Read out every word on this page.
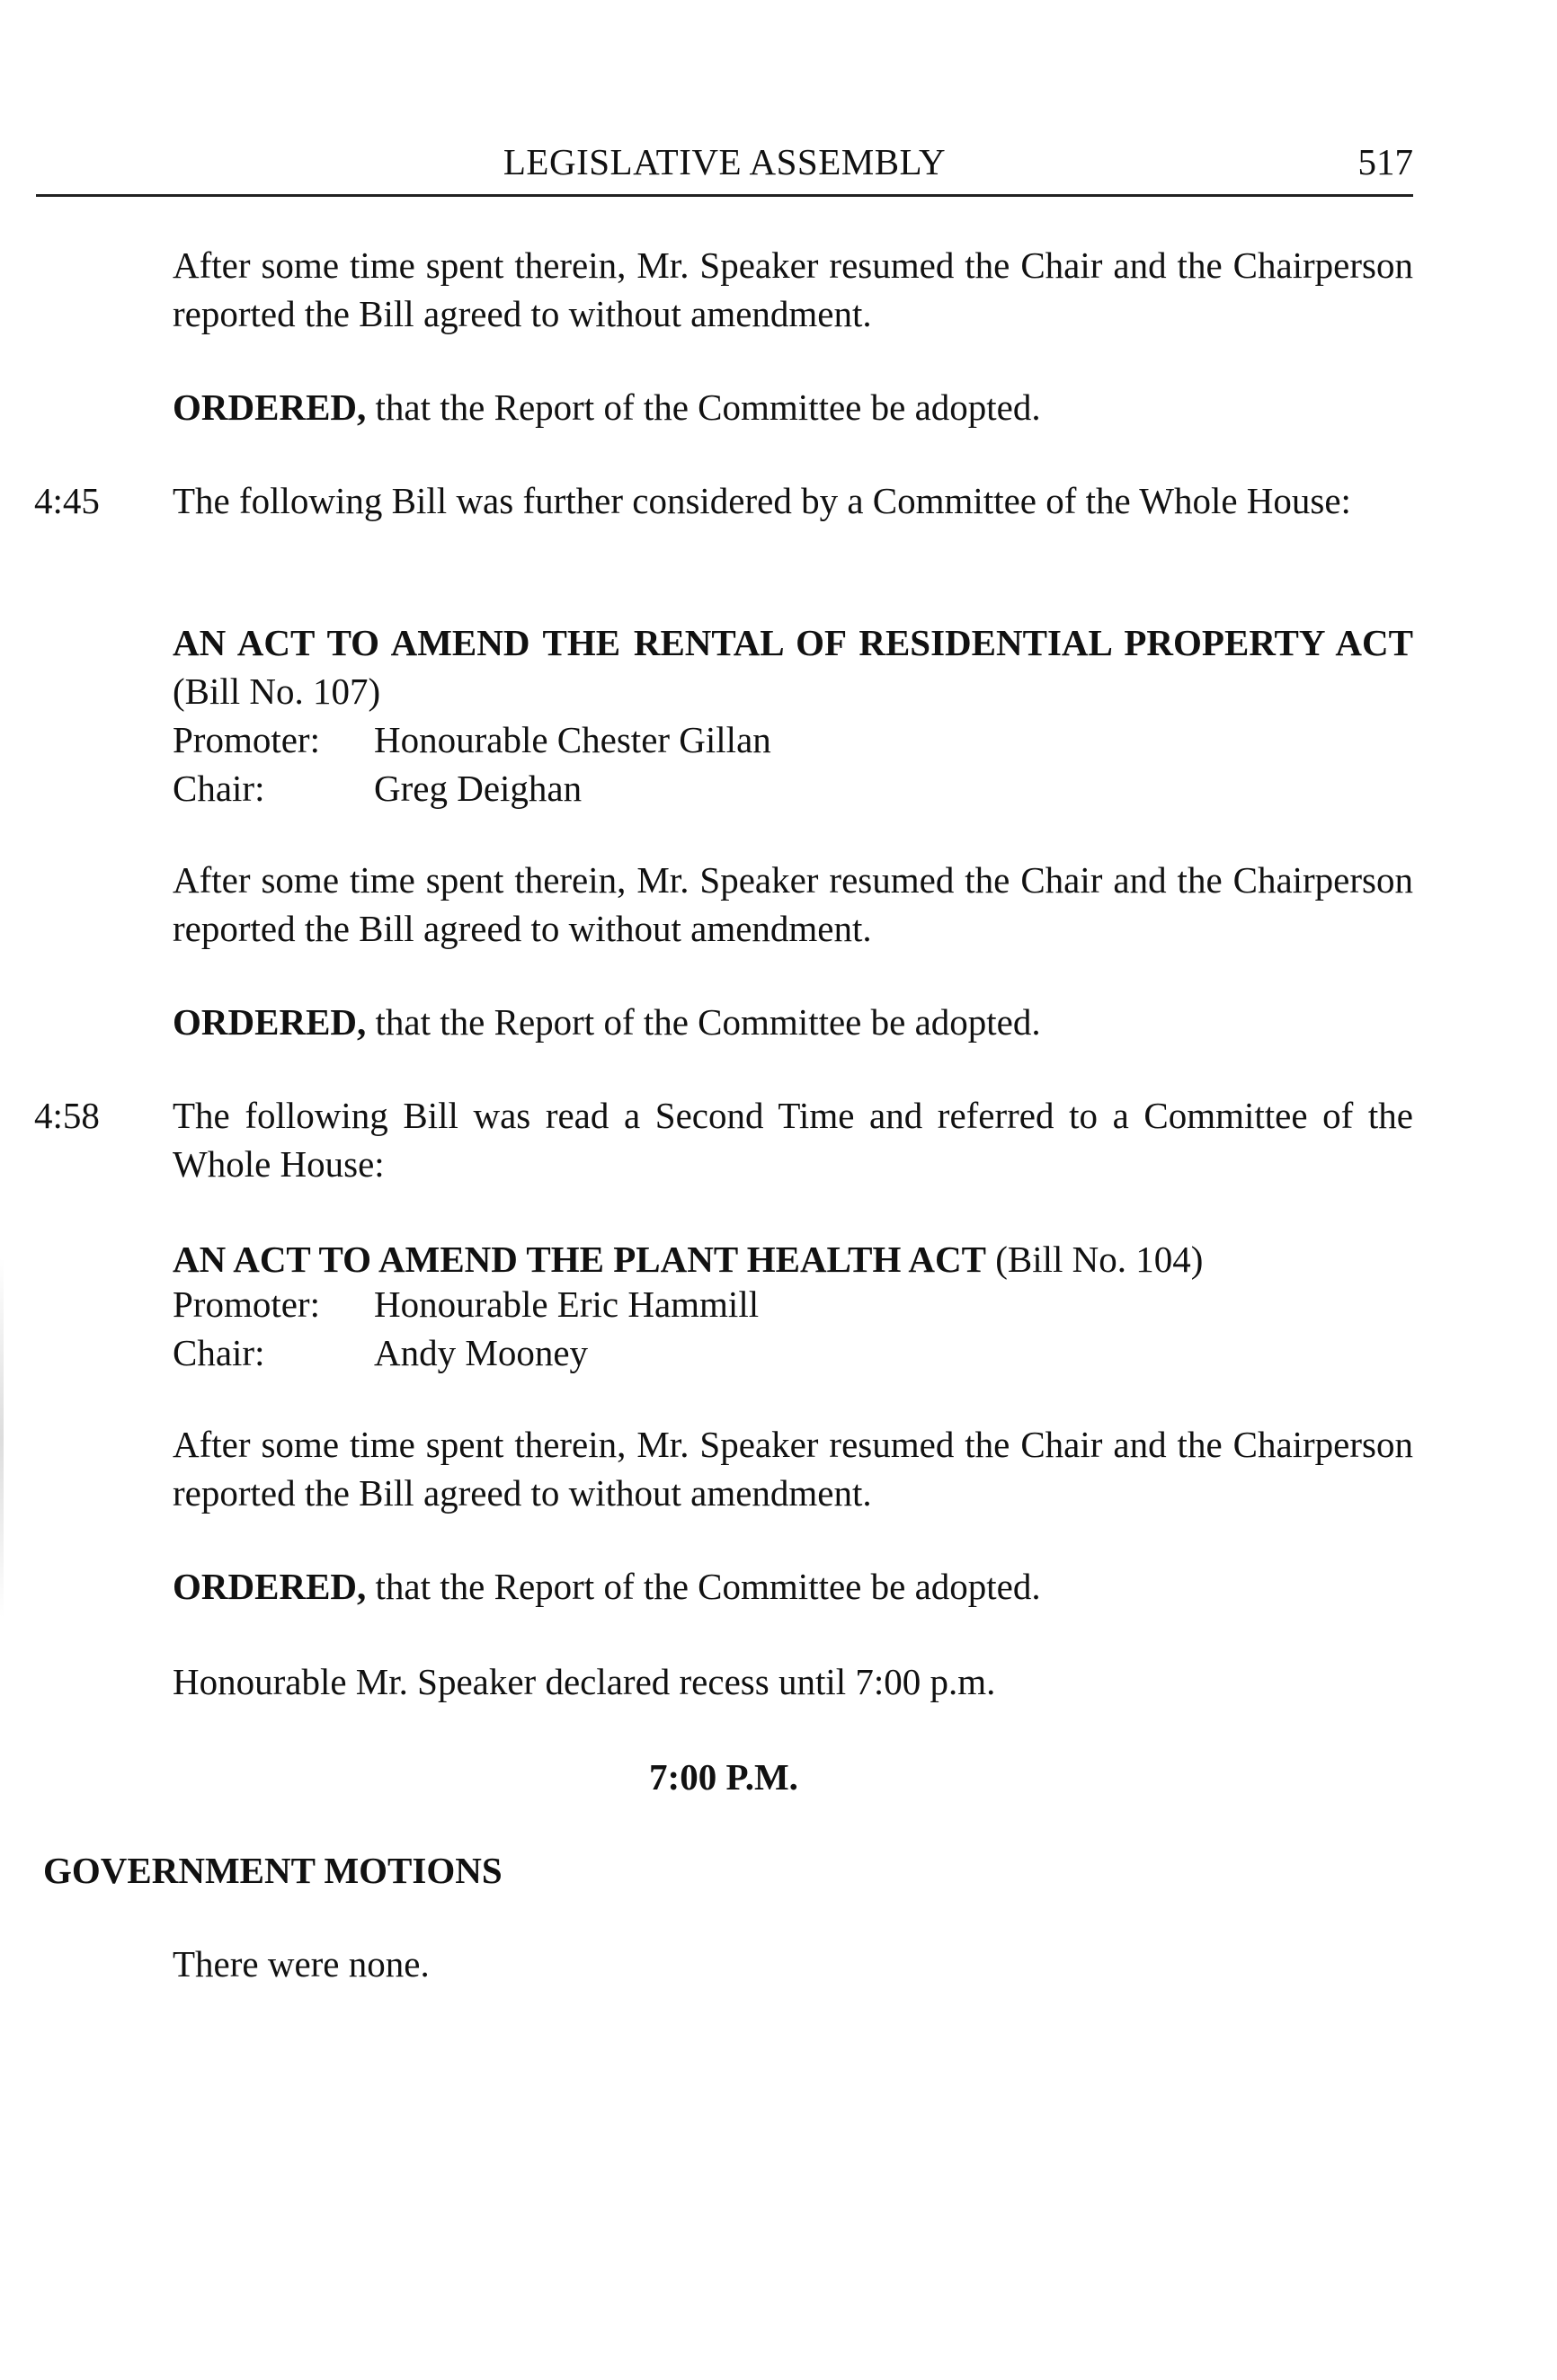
LEGISLATIVE ASSEMBLY	517
After some time spent therein, Mr. Speaker resumed the Chair and the Chairperson reported the Bill agreed to without amendment.
ORDERED, that the Report of the Committee be adopted.
4:45 The following Bill was further considered by a Committee of the Whole House:
AN ACT TO AMEND THE RENTAL OF RESIDENTIAL PROPERTY ACT (Bill No. 107)
Promoter: Honourable Chester Gillan
Chair:	Greg Deighan
After some time spent therein, Mr. Speaker resumed the Chair and the Chairperson reported the Bill agreed to without amendment.
ORDERED, that the Report of the Committee be adopted.
4:58 The following Bill was read a Second Time and referred to a Committee of the Whole House:
AN ACT TO AMEND THE PLANT HEALTH ACT (Bill No. 104)
Promoter: Honourable Eric Hammill
Chair:	Andy Mooney
After some time spent therein, Mr. Speaker resumed the Chair and the Chairperson reported the Bill agreed to without amendment.
ORDERED, that the Report of the Committee be adopted.
Honourable Mr. Speaker declared recess until 7:00 p.m.
7:00 P.M.
GOVERNMENT MOTIONS
There were none.
